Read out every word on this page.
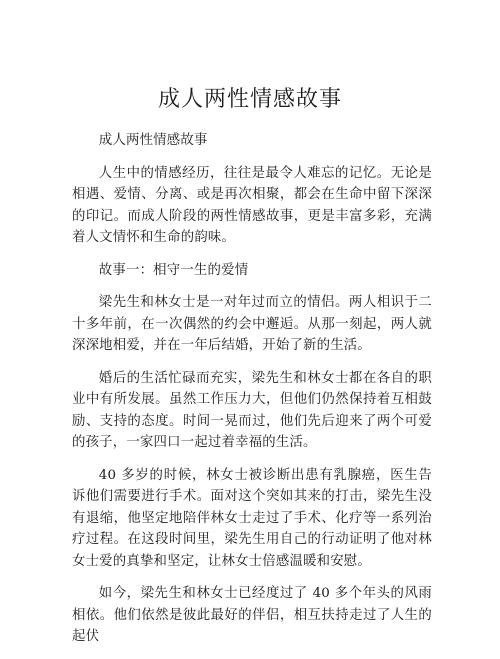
成人两性情感故事

成人两性情感故事

人生中的情感经历，往往是最令人难忘的记忆。无论是相遇、爱情、分离、或是再次相聚，都会在生命中留下深深的印记。而成人阶段的两性情感故事，更是丰富多彩，充满着人文情怀和生命的韵味。

故事一：相守一生的爱情

梁先生和林女士是一对年过而立的情侣。两人相识于二十多年前，在一次偶然的约会中邂逅。从那一刻起，两人就深深地相爱，并在一年后结婚，开始了新的生活。

婚后的生活忙碌而充实，梁先生和林女士都在各自的职业中有所发展。虽然工作压力大，但他们仍然保持着互相鼓励、支持的态度。时间一晃而过，他们先后迎来了两个可爱的孩子，一家四口一起过着幸福的生活。

40 多岁的时候，林女士被诊断出患有乳腺癌，医生告诉他们需要进行手术。面对这个突如其来的打击，梁先生没有退缩，他坚定地陪伴林女士走过了手术、化疗等一系列治疗过程。在这段时间里，梁先生用自己的行动证明了他对林女士爱的真挚和坚定，让林女士倍感温暖和安慰。

如今，梁先生和林女士已经度过了 40 多个年头的风雨相依。他们依然是彼此最好的伴侣，相互扶持走过了人生的起伏
